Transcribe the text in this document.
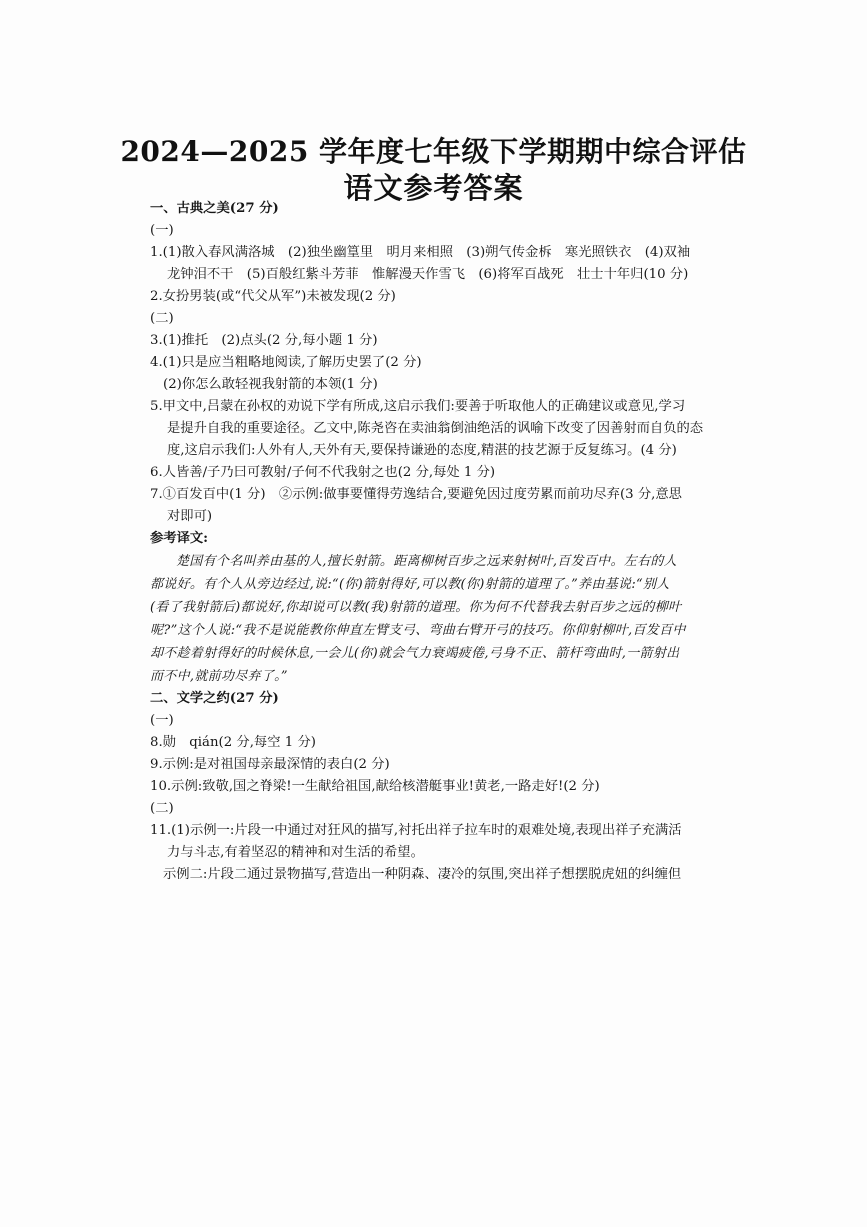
2024—2025 学年度七年级下学期期中综合评估
语文参考答案
一、古典之美(27 分)
(一)
1.(1)散入春风满洛城　(2)独坐幽篁里　明月来相照　(3)朔气传金柝　寒光照铁衣　(4)双袖
龙钟泪不干　(5)百般红紫斗芳菲　惟解漫天作雪飞　(6)将军百战死　壮士十年归(10 分)
2.女扮男装(或“代父从军”)未被发现(2 分)
(二)
3.(1)推托　(2)点头(2 分,每小题 1 分)
4.(1)只是应当粗略地阅读,了解历史罢了(2 分)
(2)你怎么敢轻视我射箭的本领(1 分)
5.甲文中,吕蒙在孙权的劝说下学有所成,这启示我们:要善于听取他人的正确建议或意见,学习
是提升自我的重要途径。乙文中,陈尧咨在卖油翁倒油绝活的讽喻下改变了因善射而自负的态
度,这启示我们:人外有人,天外有天,要保持谦逊的态度,精湛的技艺源于反复练习。(4 分)
6.人皆善/子乃曰可教射/子何不代我射之也(2 分,每处 1 分)
7.①百发百中(1 分)　②示例:做事要懂得劳逸结合,要避免因过度劳累而前功尽弃(3 分,意思
对即可)
参考译文:
楚国有个名叫养由基的人,擅长射箭。距离柳树百步之远来射树叶,百发百中。左右的人
都说好。有个人从旁边经过,说:“(你)箭射得好,可以教(你)射箭的道理了。”养由基说:“别人
(看了我射箭后)都说好,你却说可以教(我)射箭的道理。你为何不代替我去射百步之远的柳叶
呢?”这个人说:“我不是说能教你伸直左臂支弓、弯曲右臂开弓的技巧。你仰射柳叶,百发百中
却不趁着射得好的时候休息,一会儿(你)就会气力衰竭疲倦,弓身不正、箭杆弯曲时,一箭射出
而不中,就前功尽弃了。”
二、文学之约(27 分)
(一)
8.勋　qián(2 分,每空 1 分)
9.示例:是对祖国母亲最深情的表白(2 分)
10.示例:致敬,国之脊梁!一生献给祖国,献给核潜艇事业!黄老,一路走好!(2 分)
(二)
11.(1)示例一:片段一中通过对狂风的描写,衬托出祥子拉车时的艰难处境,表现出祥子充满活
力与斗志,有着坚忍的精神和对生活的希望。
示例二:片段二通过景物描写,营造出一种阴森、凄冷的氛围,突出祥子想摆脱虎妞的纠缠但
